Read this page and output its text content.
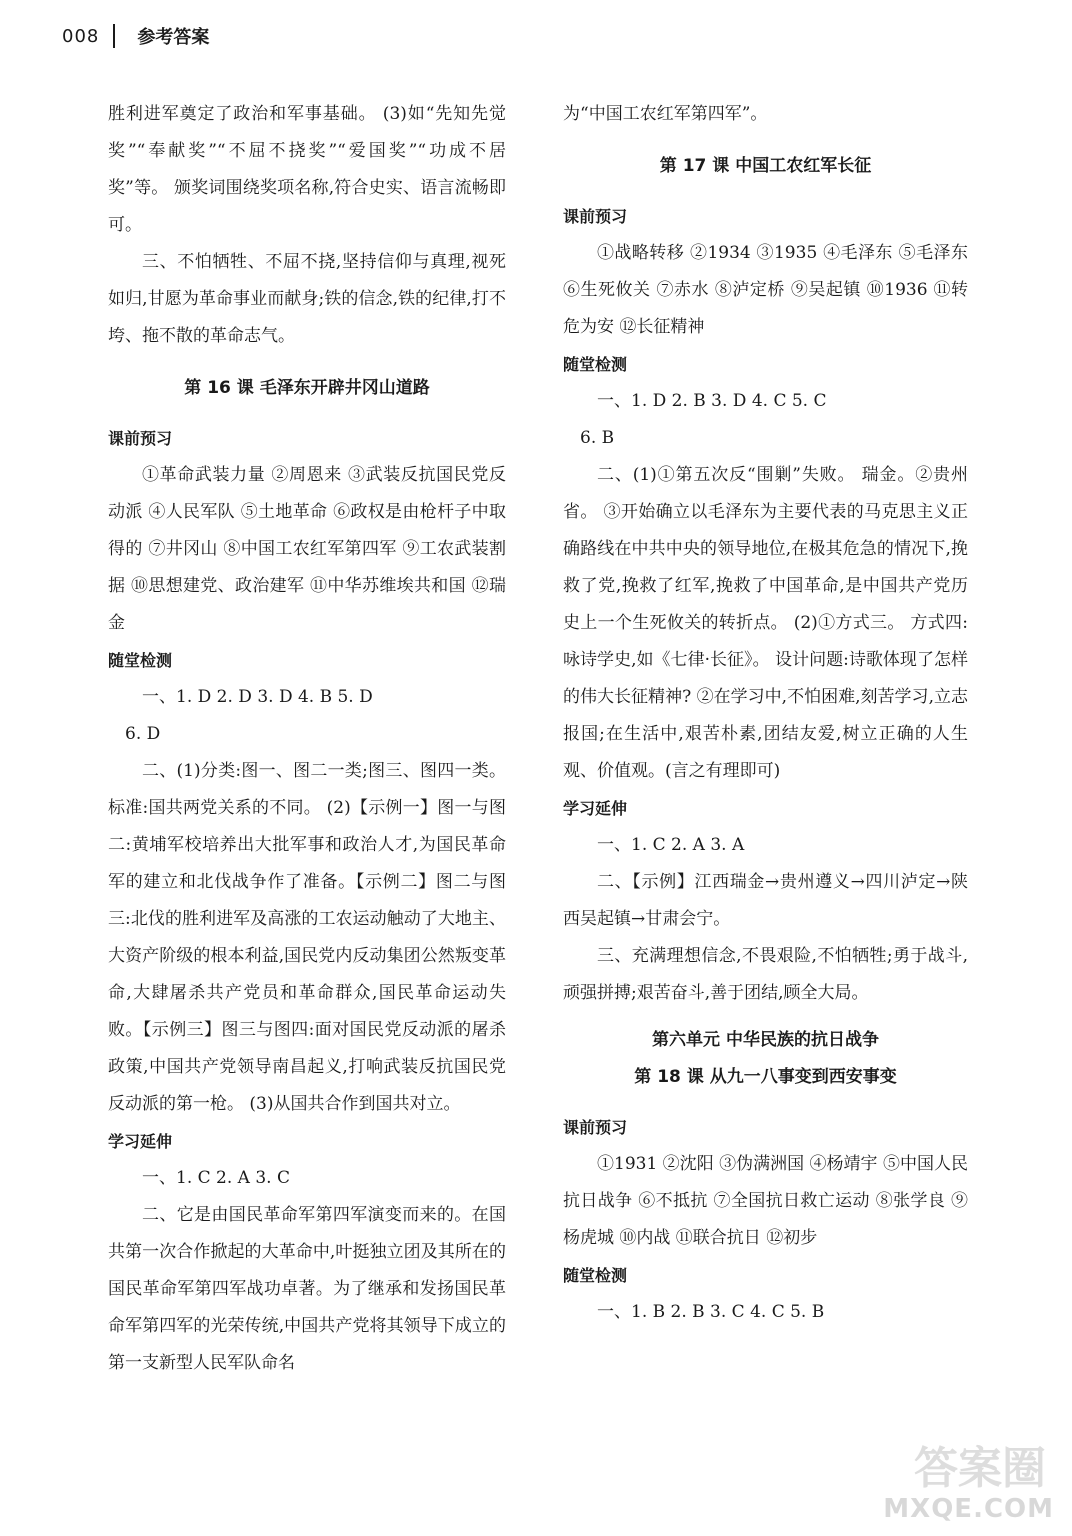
008 参考答案
胜利进军奠定了政治和军事基础。 (3)如“先知先觉奖”“奉献奖”“不屈不挠奖”“爱国奖”“功成不居奖”等。 颁奖词围绕奖项名称,符合史实、语言流畅即可。
三、不怕牺牲、不屈不挠,坚持信仰与真理,视死如归,甘愿为革命事业而献身;铁的信念,铁的纪律,打不垮、拖不散的革命志气。
第 16 课 毛泽东开辟井冈山道路
课前预习
①革命武装力量 ②周恩来 ③武装反抗国民党反动派 ④人民军队 ⑤土地革命 ⑥政权是由枪杆子中取得的 ⑦井冈山 ⑧中国工农红军第四军 ⑨工农武装割据 ⑩思想建党、政治建军 ⑪中华苏维埃共和国 ⑫瑞金
随堂检测
一、1. D 2. D 3. D 4. B 5. D
6. D
二、(1)分类:图一、图二一类;图三、图四一类。标准:国共两党关系的不同。 (2)【示例一】图一与图二:黄埔军校培养出大批军事和政治人才,为国民革命军的建立和北伐战争作了准备。【示例二】图二与图三:北伐的胜利进军及高涨的工农运动触动了大地主、大资产阶级的根本利益,国民党内反动集团公然叛变革命,大肆屠杀共产党员和革命群众,国民革命运动失败。【示例三】图三与图四:面对国民党反动派的屠杀政策,中国共产党领导南昌起义,打响武装反抗国民党反动派的第一枪。 (3)从国共合作到国共对立。
学习延伸
一、1. C 2. A 3. C
二、它是由国民革命军第四军演变而来的。在国共第一次合作掀起的大革命中,叶挺独立团及其所在的国民革命军第四军战功卓著。为了继承和发扬国民革命军第四军的光荣传统,中国共产党将其领导下成立的第一支新型人民军队命名
为“中国工农红军第四军”。
第 17 课 中国工农红军长征
课前预习
①战略转移 ②1934 ③1935 ④毛泽东 ⑤毛泽东 ⑥生死攸关 ⑦赤水 ⑧泸定桥 ⑨吴起镇 ⑩1936 ⑪转危为安 ⑫长征精神
随堂检测
一、1. D 2. B 3. D 4. C 5. C
6. B
二、(1)①第五次反“围剿”失败。 瑞金。②贵州省。 ③开始确立以毛泽东为主要代表的马克思主义正确路线在中共中央的领导地位,在极其危急的情况下,挽救了党,挽救了红军,挽救了中国革命,是中国共产党历史上一个生死攸关的转折点。 (2)①方式三。 方式四:咏诗学史,如《七律·长征》。 设计问题:诗歌体现了怎样的伟大长征精神? ②在学习中,不怕困难,刻苦学习,立志报国;在生活中,艰苦朴素,团结友爱,树立正确的人生观、价值观。(言之有理即可)
学习延伸
一、1. C 2. A 3. A
二、【示例】江西瑞金→贵州遵义→四川泸定→陕西吴起镇→甘肃会宁。
三、充满理想信念,不畏艰险,不怕牺牲;勇于战斗,顽强拼搏;艰苦奋斗,善于团结,顾全大局。
第六单元 中华民族的抗日战争
第 18 课 从九一八事变到西安事变
课前预习
①1931 ②沈阳 ③伪满洲国 ④杨靖宇 ⑤中国人民抗日战争 ⑥不抵抗 ⑦全国抗日救亡运动 ⑧张学良 ⑨杨虎城 ⑩内战 ⑪联合抗日 ⑫初步
随堂检测
一、1. B 2. B 3. C 4. C 5. B
答案圈
MXQE.COM
